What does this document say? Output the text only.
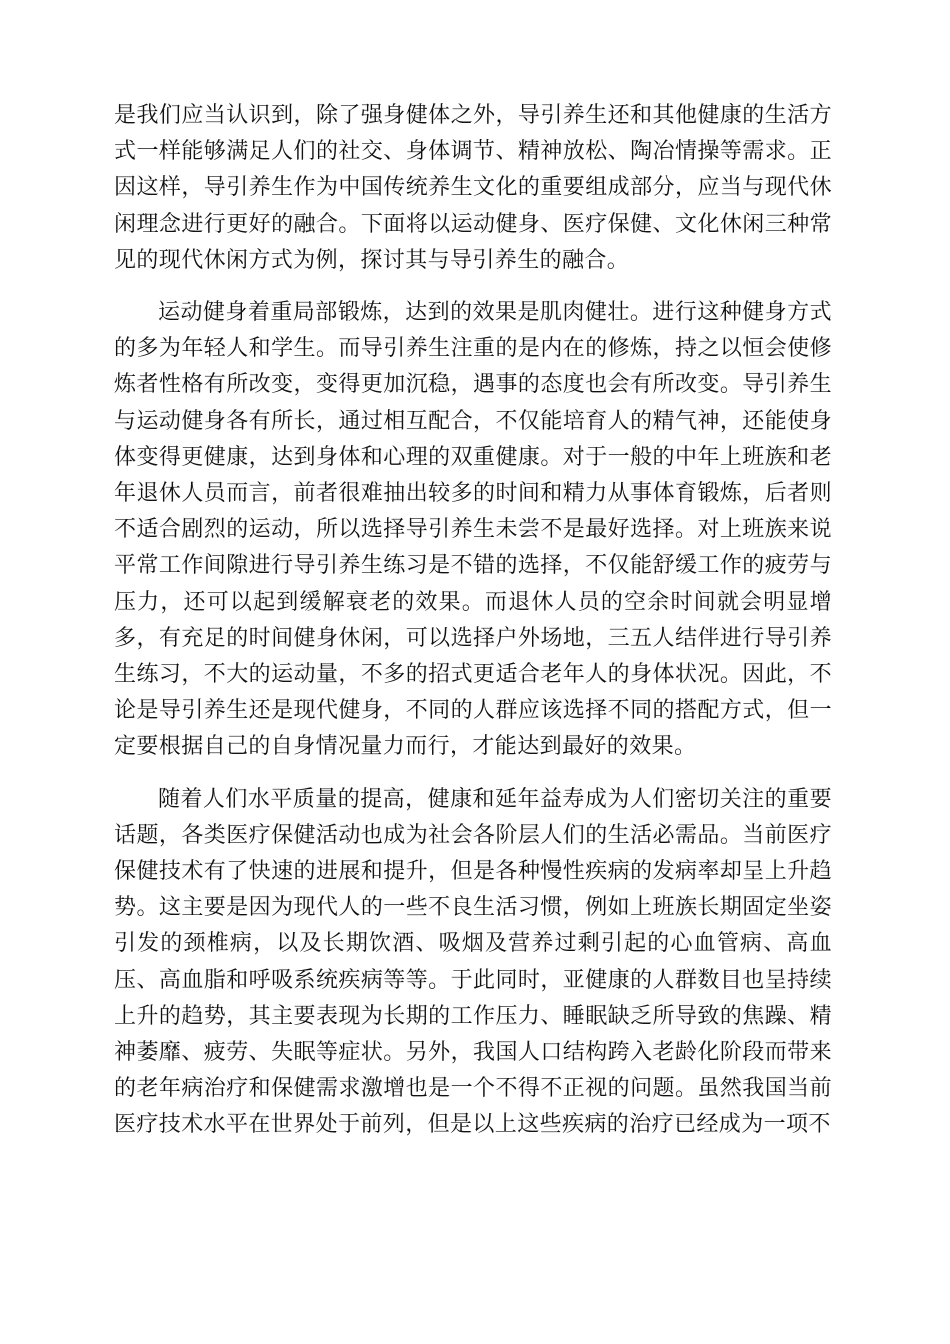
是我们应当认识到，除了强身健体之外，导引养生还和其他健康的生活方式一样能够满足人们的社交、身体调节、精神放松、陶冶情操等需求。正因这样，导引养生作为中国传统养生文化的重要组成部分，应当与现代休闲理念进行更好的融合。下面将以运动健身、医疗保健、文化休闲三种常见的现代休闲方式为例，探讨其与导引养生的融合。

运动健身着重局部锻炼，达到的效果是肌肉健壮。进行这种健身方式的多为年轻人和学生。而导引养生注重的是内在的修炼，持之以恒会使修炼者性格有所改变，变得更加沉稳，遇事的态度也会有所改变。导引养生与运动健身各有所长，通过相互配合，不仅能培育人的精气神，还能使身体变得更健康，达到身体和心理的双重健康。对于一般的中年上班族和老年退休人员而言，前者很难抽出较多的时间和精力从事体育锻炼，后者则不适合剧烈的运动，所以选择导引养生未尝不是最好选择。对上班族来说平常工作间隙进行导引养生练习是不错的选择，不仅能舒缓工作的疲劳与压力，还可以起到缓解衰老的效果。而退休人员的空余时间就会明显增多，有充足的时间健身休闲，可以选择户外场地，三五人结伴进行导引养生练习，不大的运动量，不多的招式更适合老年人的身体状况。因此，不论是导引养生还是现代健身，不同的人群应该选择不同的搭配方式，但一定要根据自己的自身情况量力而行，才能达到最好的效果。

随着人们水平质量的提高，健康和延年益寿成为人们密切关注的重要话题，各类医疗保健活动也成为社会各阶层人们的生活必需品。当前医疗保健技术有了快速的进展和提升，但是各种慢性疾病的发病率却呈上升趋势。这主要是因为现代人的一些不良生活习惯，例如上班族长期固定坐姿引发的颈椎病，以及长期饮酒、吸烟及营养过剩引起的心血管病、高血压、高血脂和呼吸系统疾病等等。于此同时，亚健康的人群数目也呈持续上升的趋势，其主要表现为长期的工作压力、睡眠缺乏所导致的焦躁、精神萎靡、疲劳、失眠等症状。另外，我国人口结构跨入老龄化阶段而带来的老年病治疗和保健需求激增也是一个不得不正视的问题。虽然我国当前医疗技术水平在世界处于前列，但是以上这些疾病的治疗已经成为一项不
